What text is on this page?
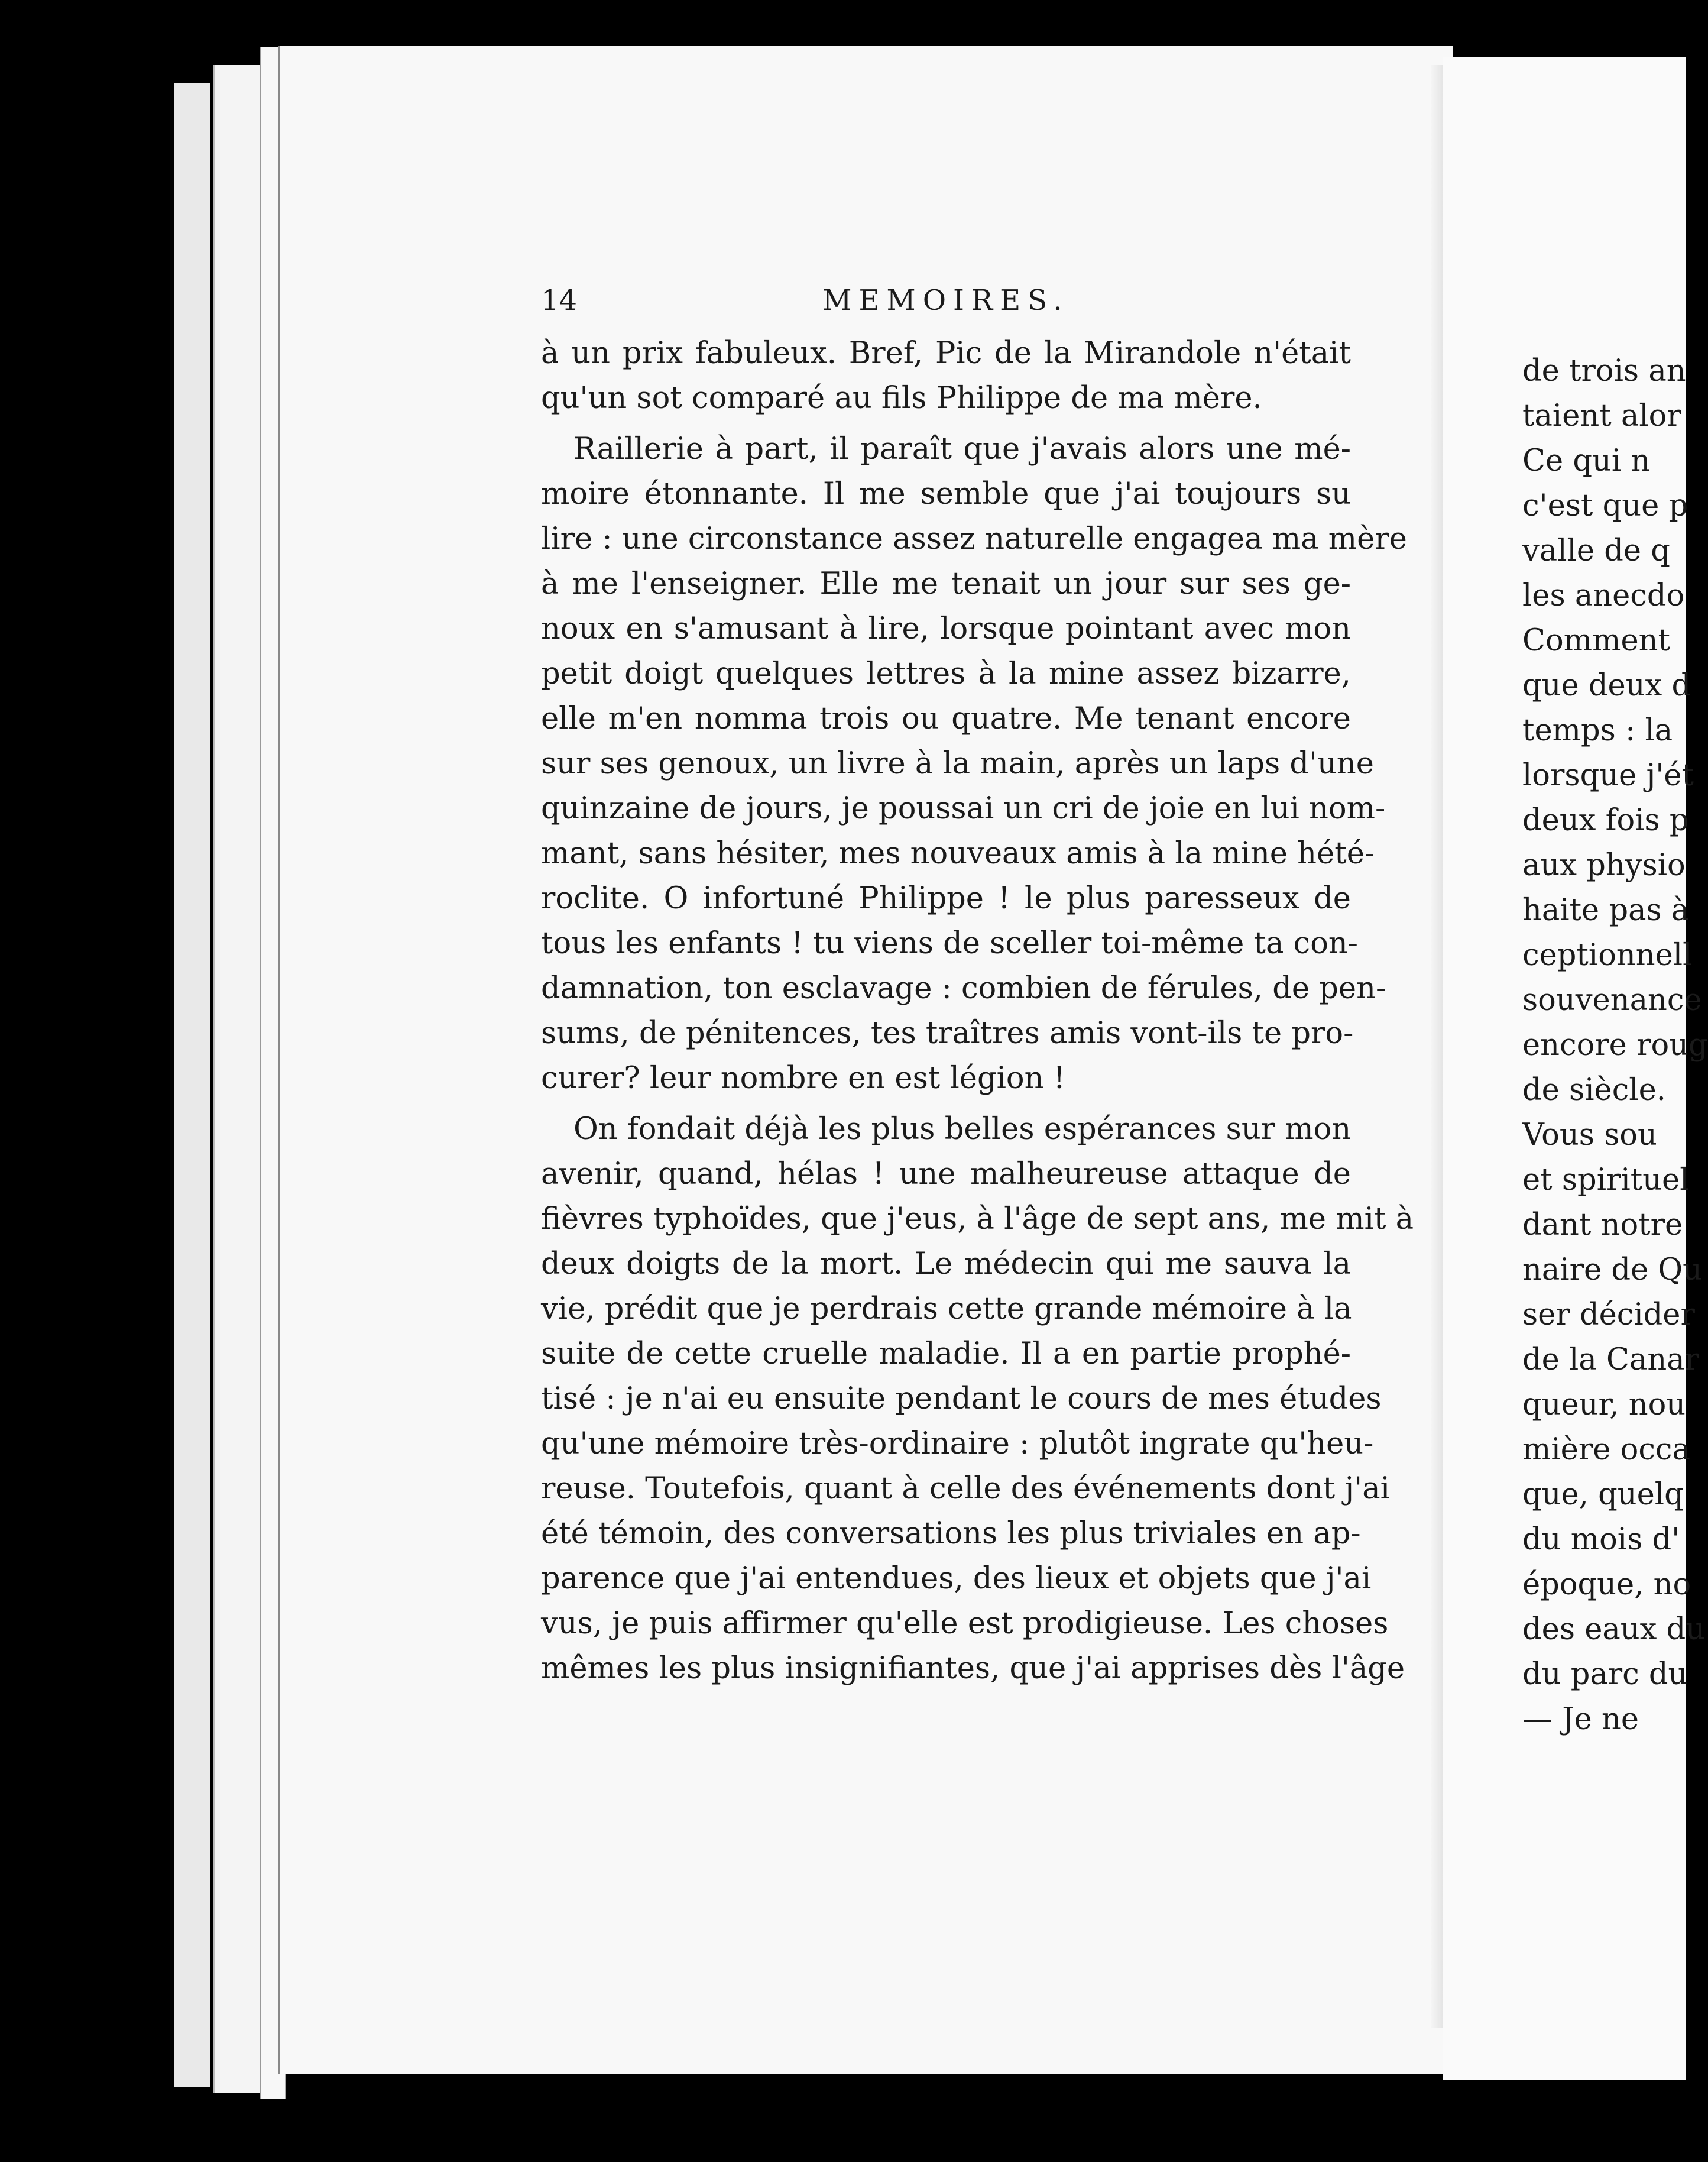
14	MEMOIRES.
à un prix fabuleux. Bref, Pic de la Mirandole n'était
qu'un sot comparé au fils Philippe de ma mère.
Raillerie à part, il paraît que j'avais alors une mé-
moire étonnante. Il me semble que j'ai toujours su
lire : une circonstance assez naturelle engagea ma mère
à me l'enseigner. Elle me tenait un jour sur ses ge-
noux en s'amusant à lire, lorsque pointant avec mon
petit doigt quelques lettres à la mine assez bizarre,
elle m'en nomma trois ou quatre. Me tenant encore
sur ses genoux, un livre à la main, après un laps d'une
quinzaine de jours, je poussai un cri de joie en lui nom-
mant, sans hésiter, mes nouveaux amis à la mine hété-
roclite. O infortuné Philippe ! le plus paresseux de
tous les enfants ! tu viens de sceller toi-même ta con-
damnation, ton esclavage : combien de férules, de pen-
sums, de pénitences, tes traîtres amis vont-ils te pro-
curer? leur nombre en est légion !
On fondait déjà les plus belles espérances sur mon
avenir, quand, hélas ! une malheureuse attaque de
fièvres typhoïdes, que j'eus, à l'âge de sept ans, me mit à
deux doigts de la mort. Le médecin qui me sauva la
vie, prédit que je perdrais cette grande mémoire à la
suite de cette cruelle maladie. Il a en partie prophé-
tisé : je n'ai eu ensuite pendant le cours de mes études
qu'une mémoire très-ordinaire : plutôt ingrate qu'heu-
reuse. Toutefois, quant à celle des événements dont j'ai
été témoin, des conversations les plus triviales en ap-
parence que j'ai entendues, des lieux et objets que j'ai
vus, je puis affirmer qu'elle est prodigieuse. Les choses
mêmes les plus insignifiantes, que j'ai apprises dès l'âge
de trois an
taient alor
Ce qui n
c'est que p
valle de q
les anecdo
Comment
que deux d
temps : la
lorsque j'ét
deux fois p
aux physio
haite pas à
ceptionnell
souvenance
encore roug
de siècle.
Vous sou
et spirituel
dant notre
naire de Qu
ser décider
de la Canar
queur, nou
mière occa
que, quelq
du mois d'
époque, no
des eaux du
du parc du
— Je ne
